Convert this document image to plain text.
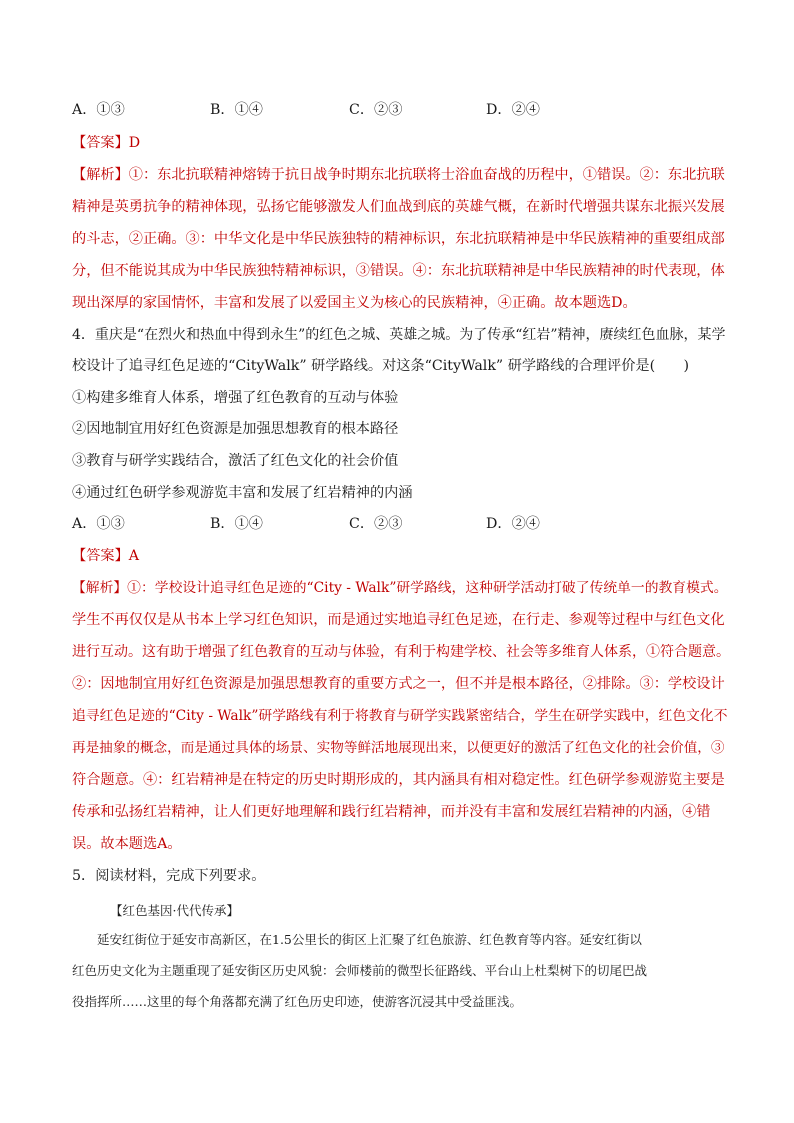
A．①③	B．①④	C．②③	D．②④
【答案】D
【解析】①：东北抗联精神熔铸于抗日战争时期东北抗联将士浴血奋战的历程中，①错误。②：东北抗联
精神是英勇抗争的精神体现，弘扬它能够激发人们血战到底的英雄气概，在新时代增强共谋东北振兴发展
的斗志，②正确。③：中华文化是中华民族独特的精神标识，东北抗联精神是中华民族精神的重要组成部
分，但不能说其成为中华民族独特精神标识，③错误。④：东北抗联精神是中华民族精神的时代表现，体
现出深厚的家国情怀，丰富和发展了以爱国主义为核心的民族精神，④正确。故本题选D。
4．重庆是“在烈火和热血中得到永生”的红色之城、英雄之城。为了传承“红岩”精神，赓续红色血脉，某学
校设计了追寻红色足迹的“CityWalk” 研学路线。对这条“CityWalk” 研学路线的合理评价是(　　)
①构建多维育人体系，增强了红色教育的互动与体验
②因地制宜用好红色资源是加强思想教育的根本路径
③教育与研学实践结合，激活了红色文化的社会价值
④通过红色研学参观游览丰富和发展了红岩精神的内涵
A．①③	B．①④	C．②③	D．②④
【答案】A
【解析】①：学校设计追寻红色足迹的“City - Walk”研学路线，这种研学活动打破了传统单一的教育模式。
学生不再仅仅是从书本上学习红色知识，而是通过实地追寻红色足迹，在行走、参观等过程中与红色文化
进行互动。这有助于增强了红色教育的互动与体验，有利于构建学校、社会等多维育人体系，①符合题意。
②：因地制宜用好红色资源是加强思想教育的重要方式之一，但不并是根本路径，②排除。③：学校设计
追寻红色足迹的“City - Walk”研学路线有利于将教育与研学实践紧密结合，学生在研学实践中，红色文化不
再是抽象的概念，而是通过具体的场景、实物等鲜活地展现出来，以便更好的激活了红色文化的社会价值，③
符合题意。④：红岩精神是在特定的历史时期形成的，其内涵具有相对稳定性。红色研学参观游览主要是
传承和弘扬红岩精神，让人们更好地理解和践行红岩精神，而并没有丰富和发展红岩精神的内涵，④错
误。故本题选A。
5．阅读材料，完成下列要求。
【红色基因·代代传承】
　　延安红街位于延安市高新区，在1.5公里长的街区上汇聚了红色旅游、红色教育等内容。延安红街以
红色历史文化为主题重现了延安街区历史风貌：会师楼前的微型长征路线、平台山上杜梨树下的切尾巴战
役指挥所……这里的每个角落都充满了红色历史印迹，使游客沉浸其中受益匪浅。
